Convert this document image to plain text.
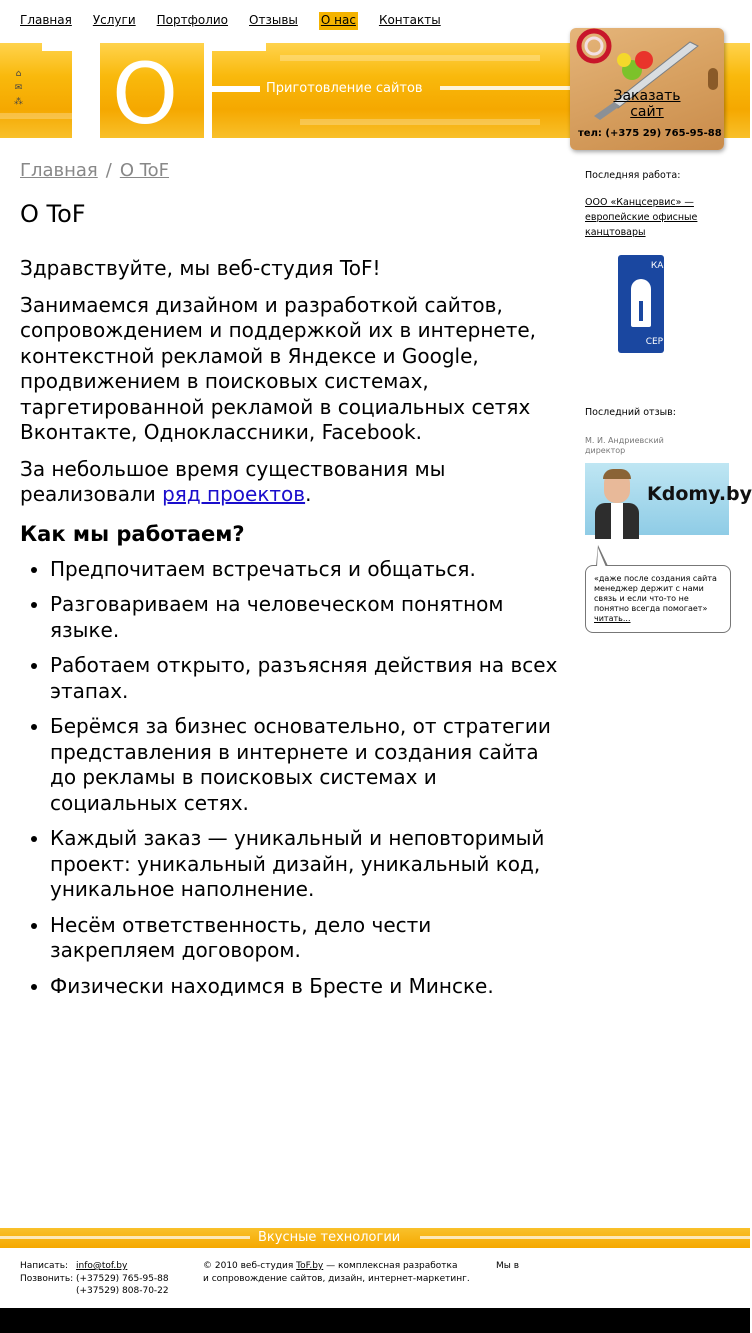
Главная Услуги Портфолио Отзывы О нас Контакты
O	Приготовление сайтов
⌂
✉
⁂	Заказать сайт
тел: (+375 29) 765-95-88
Главная / О ToF
О ToF

Здравствуйте, мы веб-студия ToF!

Занимаемся дизайном и разработкой сайтов, сопровождением и поддержкой их в интернете, контекстной рекламой в Яндексе и Google, продвижением в поисковых системах, таргетированной рекламой в социальных сетях Вконтакте, Одноклассники, Facebook.

За небольшое время существования мы реализовали ряд проектов.

Как мы работаем?
• Предпочитаем встречаться и общаться.
• Разговариваем на человеческом понятном языке.
• Работаем открыто, разъясняя действия на всех этапах.
• Берёмся за бизнес основательно, от стратегии представления в интернете и создания сайта до рекламы в поисковых системах и социальных сетях.
• Каждый заказ — уникальный и неповторимый проект: уникальный дизайн, уникальный код, уникальное наполнение.
• Несём ответственность, дело чести закрепляем договором.
• Физически находимся в Бресте и Минске.
Последняя работа:
ООО «Канцсервис» — европейские офисные канцтовары
КАНЦ
СЕРВИС
Последний отзыв:
М. И. Андриевский
директор
Kdomy.by
«даже после создания сайта менеджер держит с нами связь и если что-то не понятно всегда помогает» читать...
Вкусные технологии
Написать:
Позвонить:
info@tof.by
(+37529) 765-95-88
(+37529) 808-70-22
© 2010 веб-студия ToF.by — комплексная разработка
и сопровождение сайтов, дизайн, интернет-маркетинг.
Мы в
